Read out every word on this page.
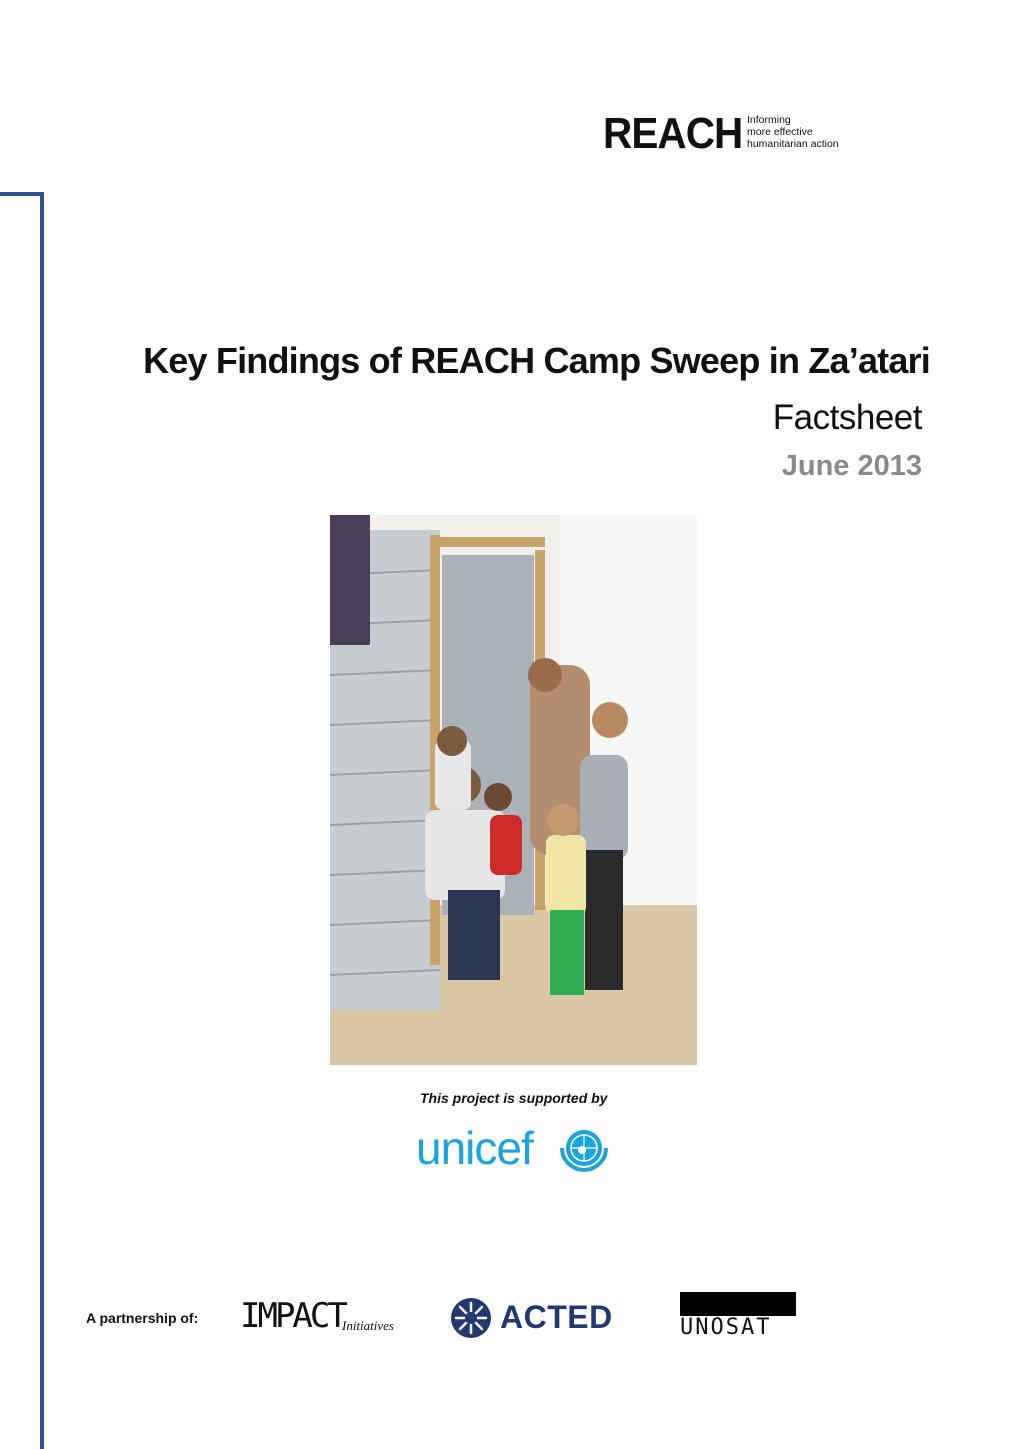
REACH Informing
more effective
humanitarian action
Key Findings of REACH Camp Sweep in Za’atari
Factsheet
June 2013
This project is supported by
unicef
A partnership of: IMPACT
Initiatives	ACTED	UNOSAT
